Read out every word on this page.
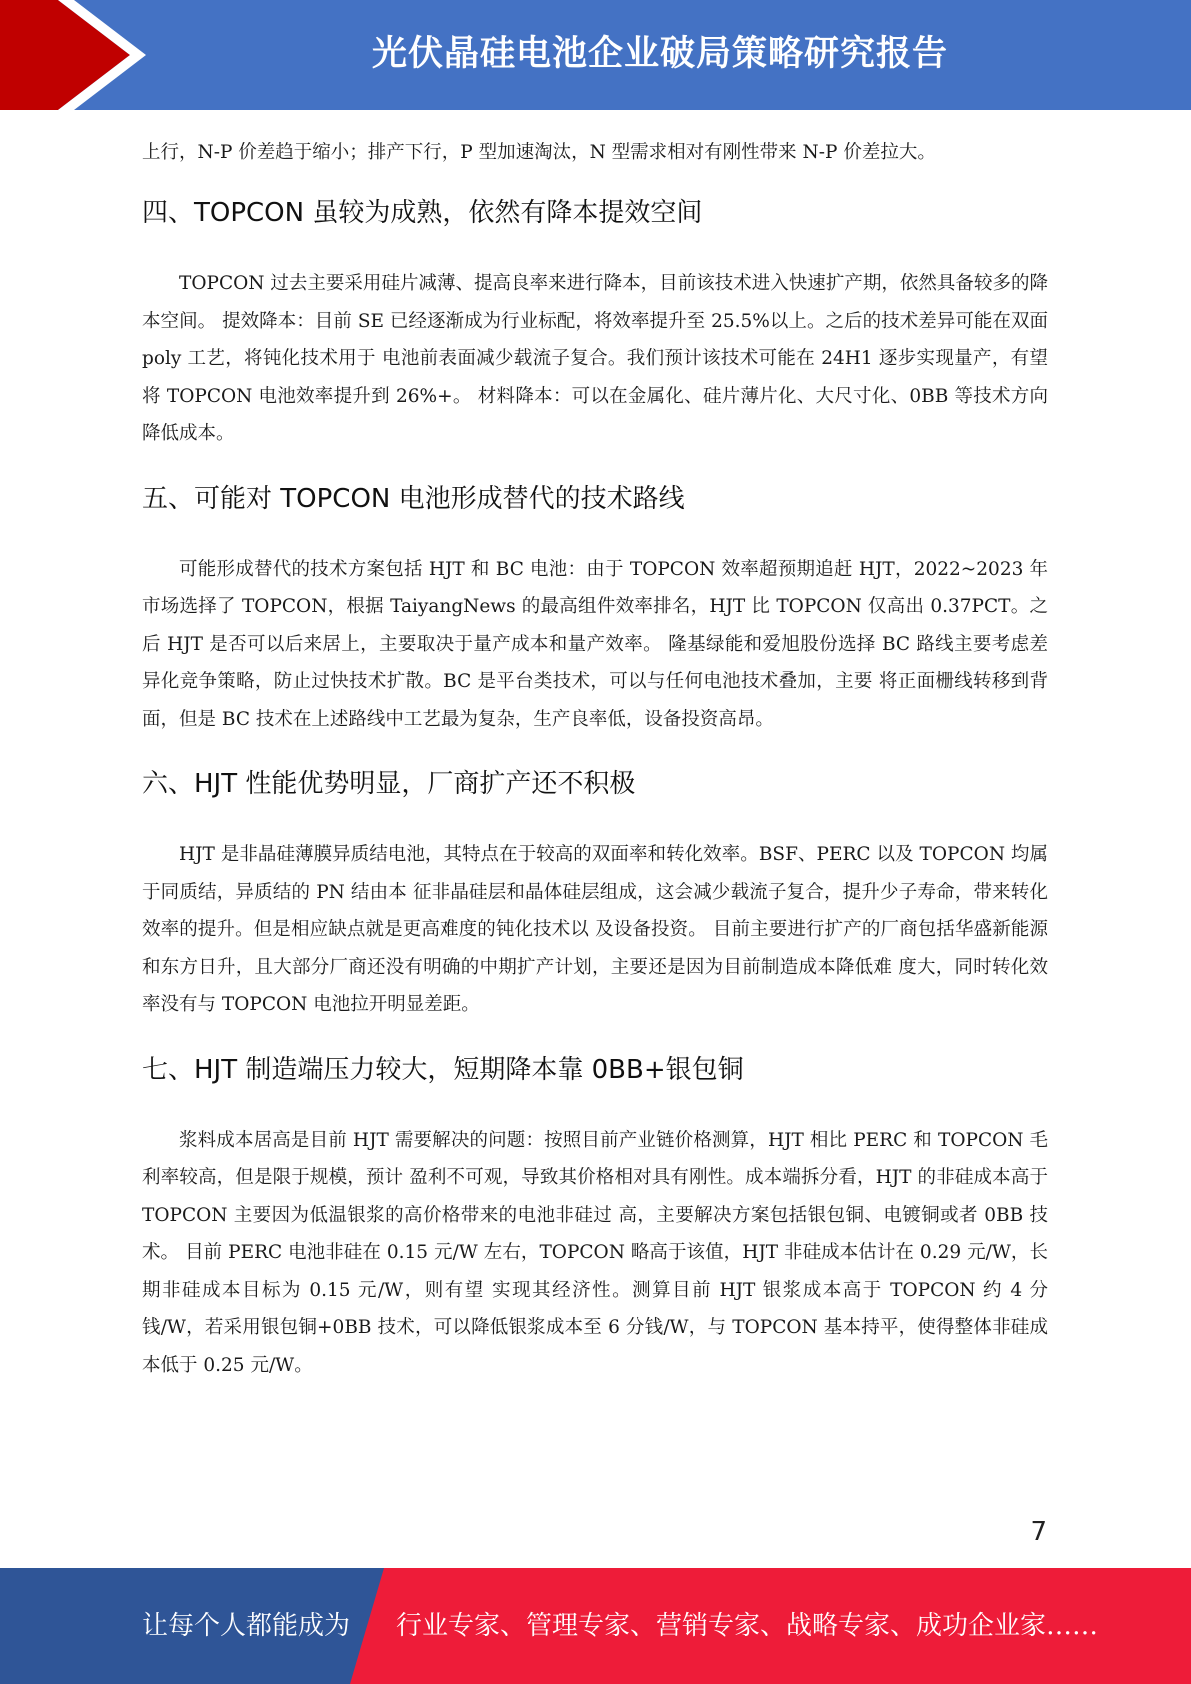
光伏晶硅电池企业破局策略研究报告

上行，N-P 价差趋于缩小；排产下行，P 型加速淘汰，N 型需求相对有刚性带来 N-P 价差拉大。

四、TOPCON 虽较为成熟，依然有降本提效空间

TOPCON 过去主要采用硅片减薄、提高良率来进行降本，目前该技术进入快速扩产期，依然具备较多的降本空间。 提效降本：目前 SE 已经逐渐成为行业标配，将效率提升至 25.5%以上。之后的技术差异可能在双面 poly 工艺，将钝化技术用于 电池前表面减少载流子复合。我们预计该技术可能在 24H1 逐步实现量产，有望将 TOPCON 电池效率提升到 26%+。 材料降本：可以在金属化、硅片薄片化、大尺寸化、0BB 等技术方向降低成本。

五、可能对 TOPCON 电池形成替代的技术路线

可能形成替代的技术方案包括 HJT 和 BC 电池：由于 TOPCON 效率超预期追赶 HJT，2022~2023 年市场选择了 TOPCON，根据 TaiyangNews 的最高组件效率排名，HJT 比 TOPCON 仅高出 0.37PCT。之后 HJT 是否可以后来居上，主要取决于量产成本和量产效率。 隆基绿能和爱旭股份选择 BC 路线主要考虑差异化竞争策略，防止过快技术扩散。BC 是平台类技术，可以与任何电池技术叠加，主要 将正面栅线转移到背面，但是 BC 技术在上述路线中工艺最为复杂，生产良率低，设备投资高昂。

六、HJT 性能优势明显，厂商扩产还不积极

HJT 是非晶硅薄膜异质结电池，其特点在于较高的双面率和转化效率。BSF、PERC 以及 TOPCON 均属于同质结，异质结的 PN 结由本 征非晶硅层和晶体硅层组成，这会减少载流子复合，提升少子寿命，带来转化效率的提升。但是相应缺点就是更高难度的钝化技术以 及设备投资。 目前主要进行扩产的厂商包括华盛新能源和东方日升，且大部分厂商还没有明确的中期扩产计划，主要还是因为目前制造成本降低难 度大，同时转化效率没有与 TOPCON 电池拉开明显差距。

七、HJT 制造端压力较大，短期降本靠 0BB+银包铜

浆料成本居高是目前 HJT 需要解决的问题：按照目前产业链价格测算，HJT 相比 PERC 和 TOPCON 毛利率较高，但是限于规模，预计 盈利不可观，导致其价格相对具有刚性。成本端拆分看，HJT 的非硅成本高于 TOPCON 主要因为低温银浆的高价格带来的电池非硅过 高，主要解决方案包括银包铜、电镀铜或者 0BB 技术。 目前 PERC 电池非硅在 0.15 元/W 左右，TOPCON 略高于该值，HJT 非硅成本估计在 0.29 元/W，长期非硅成本目标为 0.15 元/W，则有望 实现其经济性。测算目前 HJT 银浆成本高于 TOPCON 约 4 分钱/W，若采用银包铜+0BB 技术，可以降低银浆成本至 6 分钱/W，与 TOPCON 基本持平，使得整体非硅成本低于 0.25 元/W。

7
让每个人都能成为 行业专家、管理专家、营销专家、战略专家、成功企业家……
